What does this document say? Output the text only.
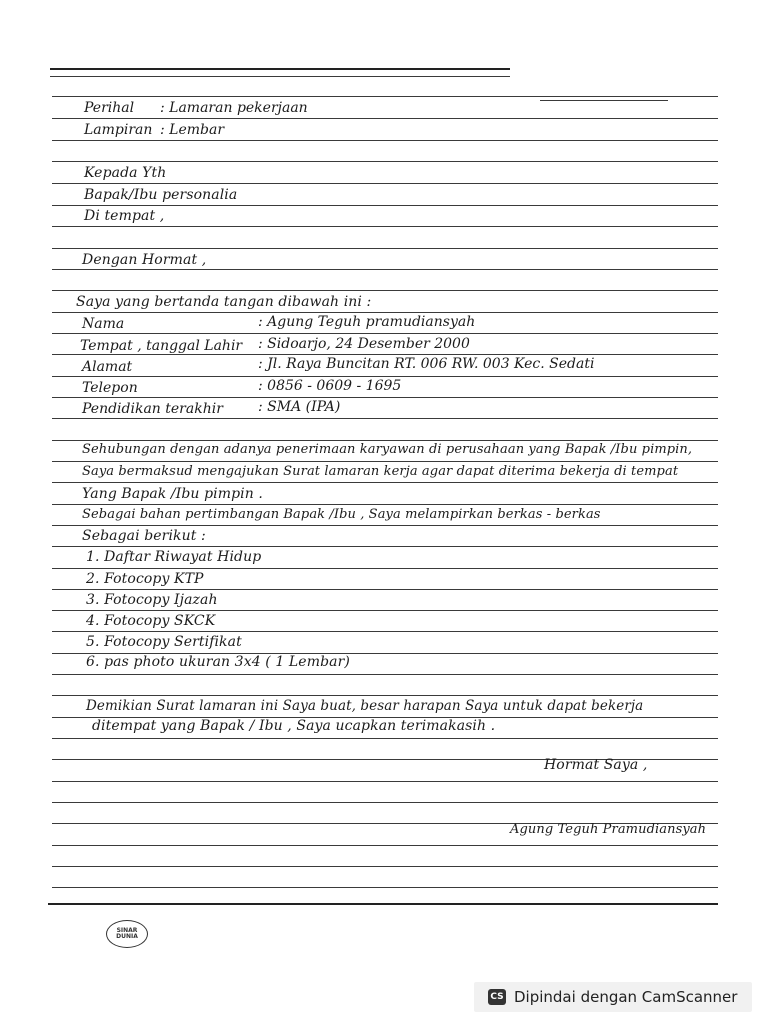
Perihal : Lamaran pekerjaan
Lampiran : Lembar
Kepada Yth
Bapak/Ibu personalia
Di tempat ,
Dengan Hormat ,
Saya yang bertanda tangan dibawah ini :
Nama	: Agung Teguh pramudiansyah
Tempat , tanggal Lahir : Sidoarjo, 24 Desember 2000
Alamat	: Jl. Raya Buncitan RT. 006 RW. 003 Kec. Sedati
Telepon	: 0856 - 0609 - 1695
Pendidikan terakhir	: SMA (IPA)
Sehubungan dengan adanya penerimaan karyawan di perusahaan yang Bapak /Ibu pimpin,
Saya bermaksud mengajukan Surat lamaran kerja agar dapat diterima bekerja di tempat
Yang Bapak /Ibu pimpin .
Sebagai bahan pertimbangan Bapak /Ibu , Saya melampirkan berkas - berkas
Sebagai berikut :
1. Daftar Riwayat Hidup
2. Fotocopy KTP
3. Fotocopy Ijazah
4. Fotocopy SKCK
5. Fotocopy Sertifikat
6. pas photo ukuran 3x4 ( 1 Lembar)
Demikian Surat lamaran ini Saya buat, besar harapan Saya untuk dapat bekerja
ditempat yang Bapak / Ibu , Saya ucapkan terimakasih .
Hormat Saya ,
Agung Teguh Pramudiansyah
SINAR
DUNIA
CS Dipindai dengan CamScanner
